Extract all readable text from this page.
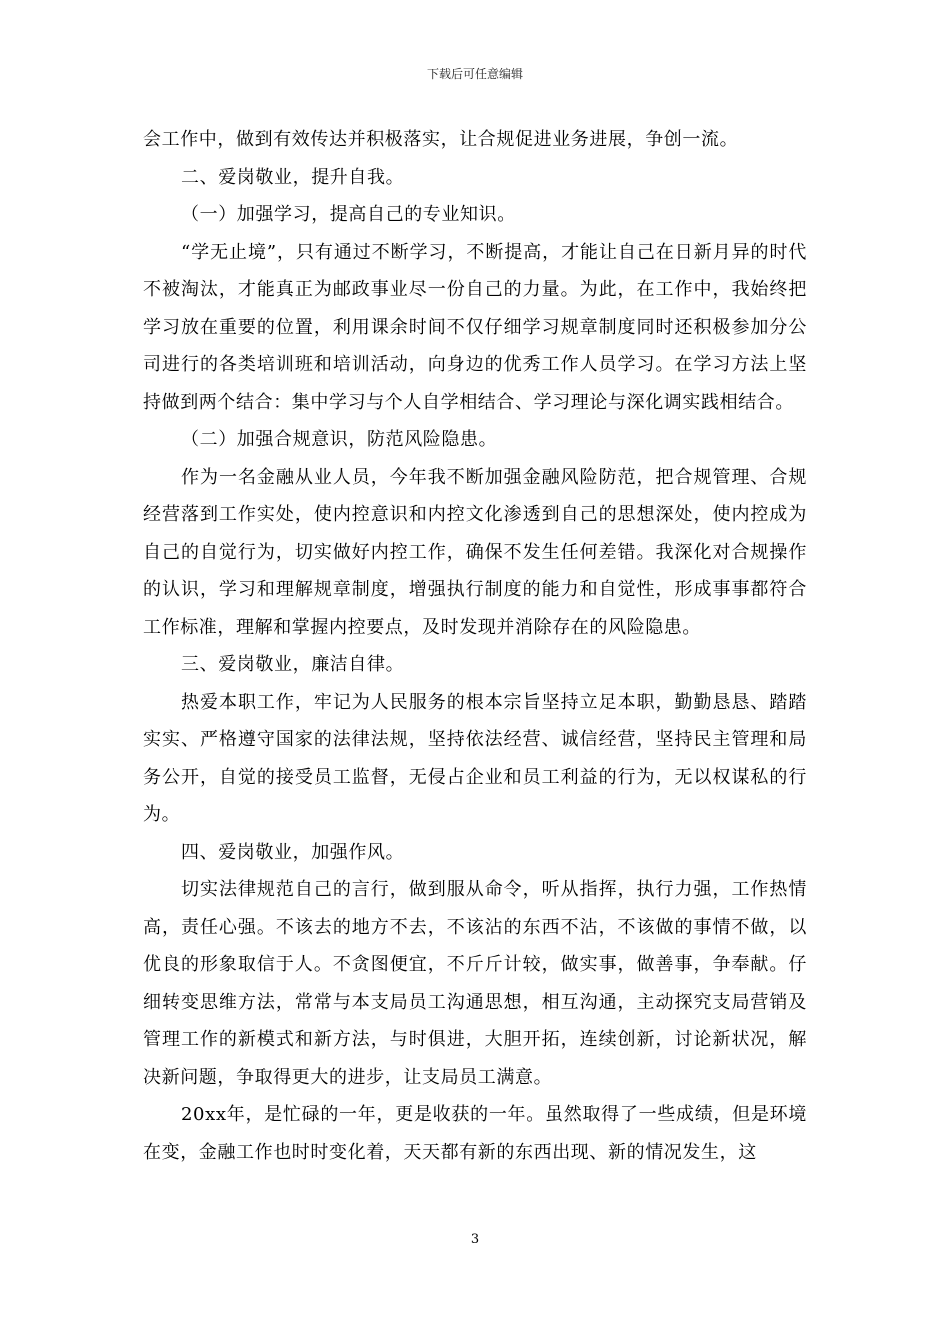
下载后可任意编辑

会工作中，做到有效传达并积极落实，让合规促进业务进展，争创一流。

二、爱岗敬业，提升自我。

（一）加强学习，提高自己的专业知识。

“学无止境”，只有通过不断学习，不断提高，才能让自己在日新月异的时代不被淘汰，才能真正为邮政事业尽一份自己的力量。为此，在工作中，我始终把学习放在重要的位置，利用课余时间不仅仔细学习规章制度同时还积极参加分公司进行的各类培训班和培训活动，向身边的优秀工作人员学习。在学习方法上坚持做到两个结合：集中学习与个人自学相结合、学习理论与深化调实践相结合。

（二）加强合规意识，防范风险隐患。

作为一名金融从业人员，今年我不断加强金融风险防范，把合规管理、合规经营落到工作实处，使内控意识和内控文化渗透到自己的思想深处，使内控成为自己的自觉行为，切实做好内控工作，确保不发生任何差错。我深化对合规操作的认识，学习和理解规章制度，增强执行制度的能力和自觉性，形成事事都符合工作标准，理解和掌握内控要点，及时发现并消除存在的风险隐患。

三、爱岗敬业，廉洁自律。

热爱本职工作，牢记为人民服务的根本宗旨坚持立足本职，勤勤恳恳、踏踏实实、严格遵守国家的法律法规，坚持依法经营、诚信经营，坚持民主管理和局务公开，自觉的接受员工监督，无侵占企业和员工利益的行为，无以权谋私的行为。

四、爱岗敬业，加强作风。

切实法律规范自己的言行，做到服从命令，听从指挥，执行力强，工作热情高，责任心强。不该去的地方不去，不该沾的东西不沾，不该做的事情不做，以优良的形象取信于人。不贪图便宜，不斤斤计较，做实事，做善事，争奉献。仔细转变思维方法，常常与本支局员工沟通思想，相互沟通，主动探究支局营销及管理工作的新模式和新方法，与时俱进，大胆开拓，连续创新，讨论新状况，解决新问题，争取得更大的进步，让支局员工满意。

20xx年，是忙碌的一年，更是收获的一年。虽然取得了一些成绩，但是环境在变，金融工作也时时变化着，天天都有新的东西出现、新的情况发生，这

3
